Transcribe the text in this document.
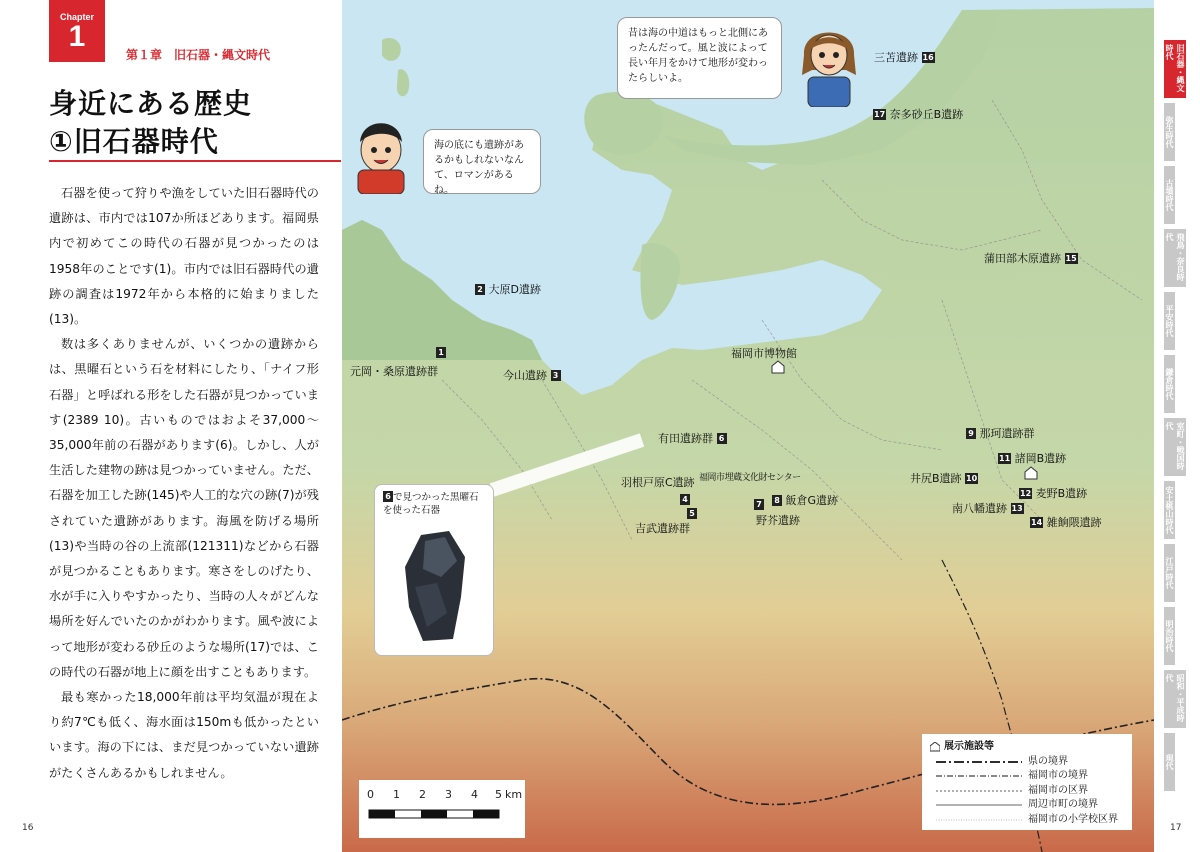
Chapter
1
第１章　旧石器・縄文時代
身近にある歴史
①旧石器時代

石器を使って狩りや漁をしていた旧石器時代の遺跡は、市内では107か所ほどあります。福岡県内で初めてこの時代の石器が見つかったのは1958年のことです(1)。市内では旧石器時代の遺跡の調査は1972年から本格的に始まりました(13)。

数は多くありませんが、いくつかの遺跡からは、黒曜石という石を材料にしたり、「ナイフ形石器」と呼ばれる形をした石器が見つかっています(2389 10)。古いものではおよそ37,000～35,000年前の石器があります(6)。しかし、人が生活した建物の跡は見つかっていません。ただ、石器を加工した跡(145)や人工的な穴の跡(7)が残されていた遺跡があります。海風を防げる場所(13)や当時の谷の上流部(121311)などから石器が見つかることもあります。寒さをしのげたり、水が手に入りやすかったり、当時の人々がどんな場所を好んでいたのかがわかります。風や波によって地形が変わる砂丘のような場所(17)では、この時代の石器が地上に顔を出すこともあります。

最も寒かった18,000年前は平均気温が現在より約7℃も低く、海水面は150mも低かったといいます。海の下には、まだ見つかっていない遺跡がたくさんあるかもしれません。

16
1
元岡・桑原遺跡群
2 大原D遺跡
今山遺跡 3
羽根戸原C遺跡
4
5
吉武遺跡群
有田遺跡群 6
7
野芥遺跡
8 飯倉G遺跡
9 那珂遺跡群
井尻B遺跡 10
11 諸岡B遺跡
12 麦野B遺跡
南八幡遺跡 13
14 雑餉隈遺跡
蒲田部木原遺跡 15
三苫遺跡 16
17 奈多砂丘B遺跡
福岡市博物館
福岡市埋蔵文化財センター
海の底にも遺跡があるかもしれないなんて、ロマンがあるね。
昔は海の中道はもっと北側にあったんだって。風と波によって長い年月をかけて地形が変わったらしいよ。
6 で見つかった黒曜石を使った石器
0 1 2 3 4 5 km
展示施設等
県の境界
福岡市の境界
福岡市の区界
周辺市町の境界
福岡市の小学校区界
旧石器・縄文時代
弥生時代
古墳時代
飛鳥・奈良時代
平安時代
鎌倉時代
室町・戦国時代
安土桃山時代
江戸時代
明治時代
昭和・平成時代
現代
17
